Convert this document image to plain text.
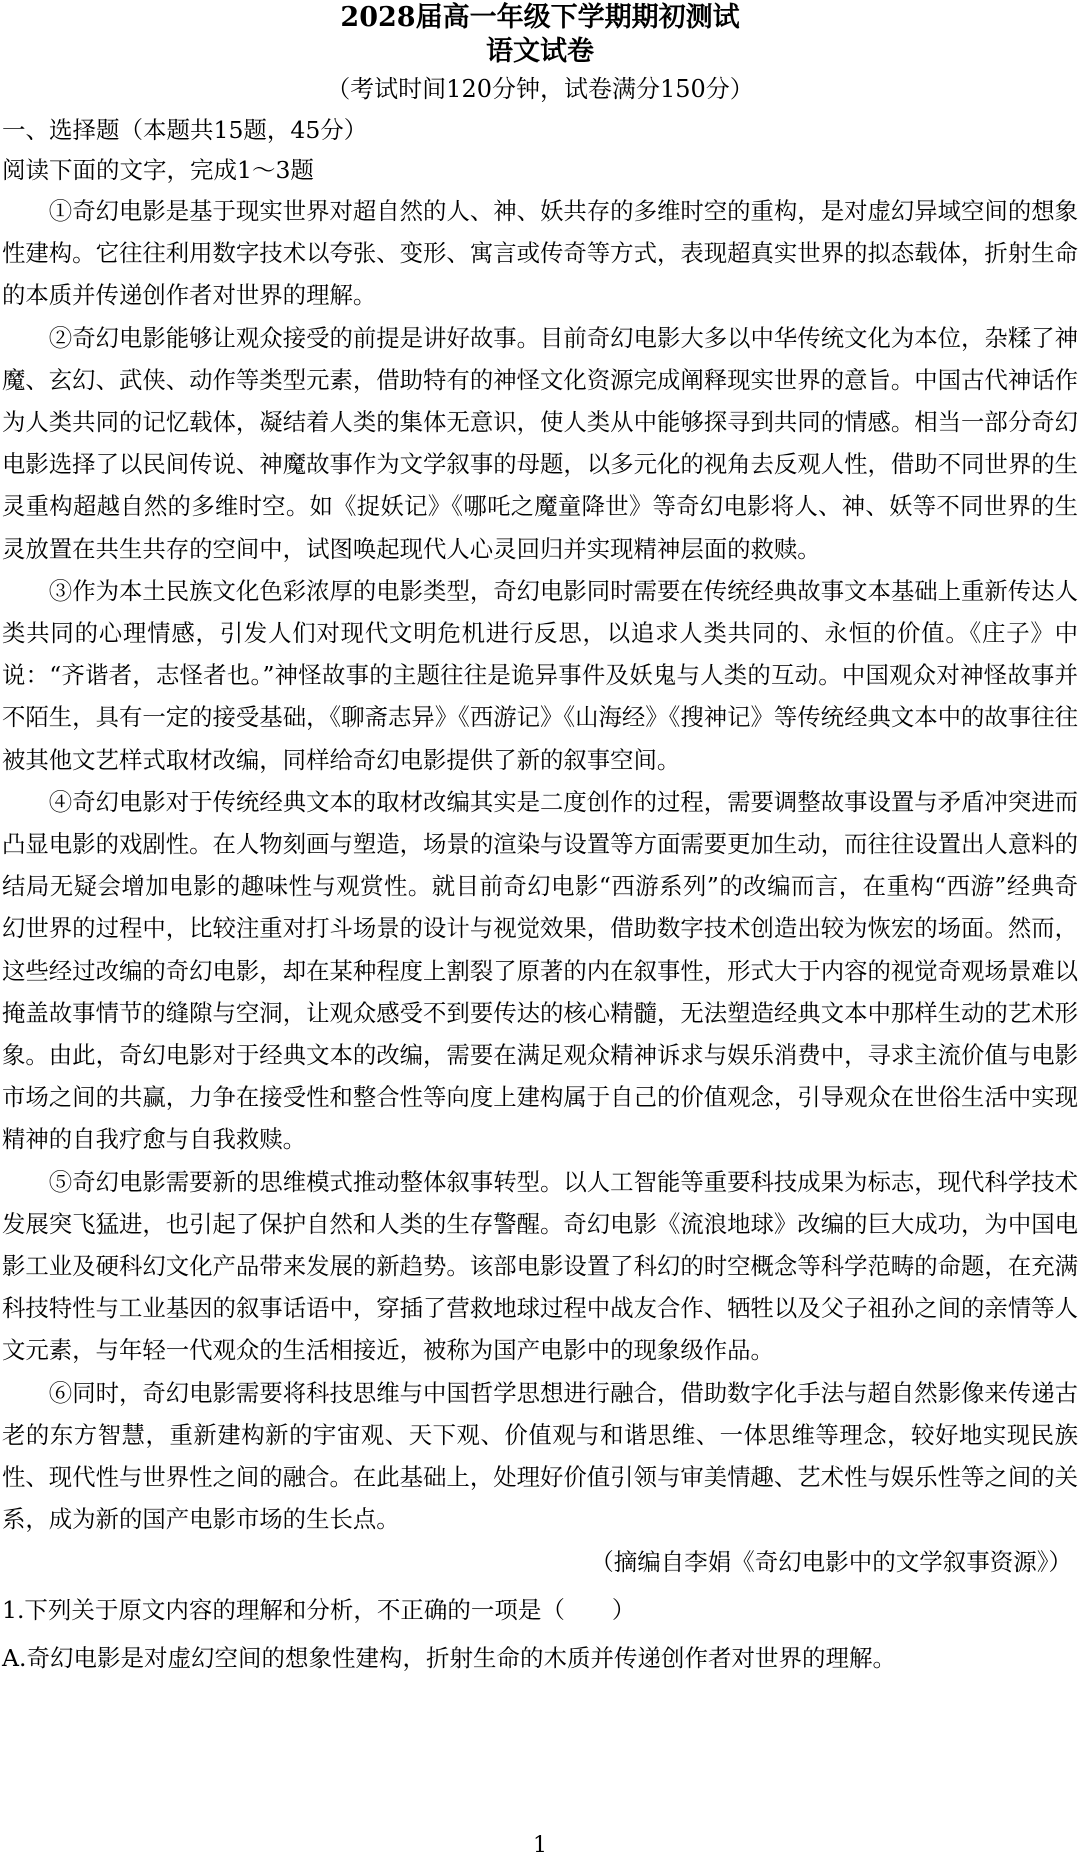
2028届高一年级下学期期初测试
语文试卷

（考试时间120分钟，试卷满分150分）

一、选择题（本题共15题，45分）

阅读下面的文字，完成1～3题

①奇幻电影是基于现实世界对超自然的人、神、妖共存的多维时空的重构，是对虚幻异域空间的想象性建构。它往往利用数字技术以夸张、变形、寓言或传奇等方式，表现超真实世界的拟态载体，折射生命的本质并传递创作者对世界的理解。

②奇幻电影能够让观众接受的前提是讲好故事。目前奇幻电影大多以中华传统文化为本位，杂糅了神魔、玄幻、武侠、动作等类型元素，借助特有的神怪文化资源完成阐释现实世界的意旨。中国古代神话作为人类共同的记忆载体，凝结着人类的集体无意识，使人类从中能够探寻到共同的情感。相当一部分奇幻电影选择了以民间传说、神魔故事作为文学叙事的母题，以多元化的视角去反观人性，借助不同世界的生灵重构超越自然的多维时空。如《捉妖记》《哪吒之魔童降世》等奇幻电影将人、神、妖等不同世界的生灵放置在共生共存的空间中，试图唤起现代人心灵回归并实现精神层面的救赎。

③作为本土民族文化色彩浓厚的电影类型，奇幻电影同时需要在传统经典故事文本基础上重新传达人类共同的心理情感，引发人们对现代文明危机进行反思，以追求人类共同的、永恒的价值。《庄子》中说：“齐谐者，志怪者也。”神怪故事的主题往往是诡异事件及妖鬼与人类的互动。中国观众对神怪故事并不陌生，具有一定的接受基础，《聊斋志异》《西游记》《山海经》《搜神记》等传统经典文本中的故事往往被其他文艺样式取材改编，同样给奇幻电影提供了新的叙事空间。

④奇幻电影对于传统经典文本的取材改编其实是二度创作的过程，需要调整故事设置与矛盾冲突进而凸显电影的戏剧性。在人物刻画与塑造，场景的渲染与设置等方面需要更加生动，而往往设置出人意料的结局无疑会增加电影的趣味性与观赏性。就目前奇幻电影“西游系列”的改编而言，在重构“西游”经典奇幻世界的过程中，比较注重对打斗场景的设计与视觉效果，借助数字技术创造出较为恢宏的场面。然而，这些经过改编的奇幻电影，却在某种程度上割裂了原著的内在叙事性，形式大于内容的视觉奇观场景难以掩盖故事情节的缝隙与空洞，让观众感受不到要传达的核心精髓，无法塑造经典文本中那样生动的艺术形象。由此，奇幻电影对于经典文本的改编，需要在满足观众精神诉求与娱乐消费中，寻求主流价值与电影市场之间的共赢，力争在接受性和整合性等向度上建构属于自己的价值观念，引导观众在世俗生活中实现精神的自我疗愈与自我救赎。

⑤奇幻电影需要新的思维模式推动整体叙事转型。以人工智能等重要科技成果为标志，现代科学技术发展突飞猛进，也引起了保护自然和人类的生存警醒。奇幻电影《流浪地球》改编的巨大成功，为中国电影工业及硬科幻文化产品带来发展的新趋势。该部电影设置了科幻的时空概念等科学范畴的命题，在充满科技特性与工业基因的叙事话语中，穿插了营救地球过程中战友合作、牺牲以及父子祖孙之间的亲情等人文元素，与年轻一代观众的生活相接近，被称为国产电影中的现象级作品。

⑥同时，奇幻电影需要将科技思维与中国哲学思想进行融合，借助数字化手法与超自然影像来传递古老的东方智慧，重新建构新的宇宙观、天下观、价值观与和谐思维、一体思维等理念，较好地实现民族性、现代性与世界性之间的融合。在此基础上，处理好价值引领与审美情趣、艺术性与娱乐性等之间的关系，成为新的国产电影市场的生长点。

（摘编自李娟《奇幻电影中的文学叙事资源》）

1.下列关于原文内容的理解和分析，不正确的一项是（　　）

A.奇幻电影是对虚幻空间的想象性建构，折射生命的木质并传递创作者对世界的理解。

1
